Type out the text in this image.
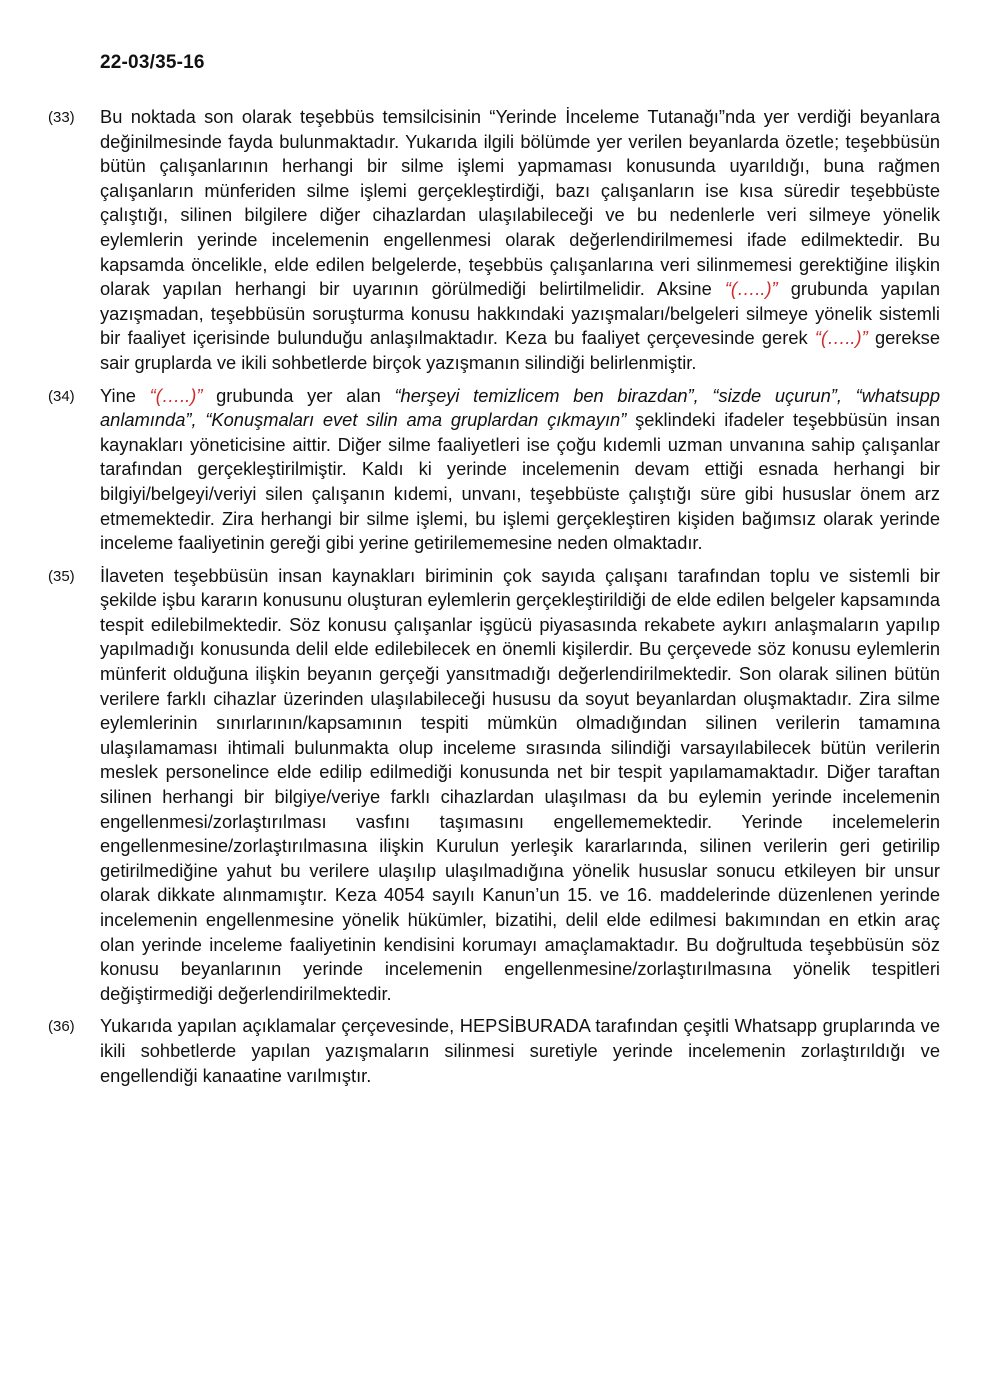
22-03/35-16
(33)	Bu noktada son olarak teşebbüs temsilcisinin “Yerinde İnceleme Tutanağı”nda yer verdiği beyanlara değinilmesinde fayda bulunmaktadır. Yukarıda ilgili bölümde yer verilen beyanlarda özetle; teşebbüsün bütün çalışanlarının herhangi bir silme işlemi yapmaması konusunda uyarıldığı, buna rağmen çalışanların münferiden silme işlemi gerçekleştirdiği, bazı çalışanların ise kısa süredir teşebbüste çalıştığı, silinen bilgilere diğer cihazlardan ulaşılabileceği ve bu nedenlerle veri silmeye yönelik eylemlerin yerinde incelemenin engellenmesi olarak değerlendirilmemesi ifade edilmektedir. Bu kapsamda öncelikle, elde edilen belgelerde, teşebbüs çalışanlarına veri silinmemesi gerektiğine ilişkin olarak yapılan herhangi bir uyarının görülmediği belirtilmelidir. Aksine “(…..)” grubunda yapılan yazışmadan, teşebbüsün soruşturma konusu hakkındaki yazışmaları/belgeleri silmeye yönelik sistemli bir faaliyet içerisinde bulunduğu anlaşılmaktadır. Keza bu faaliyet çerçevesinde gerek “(…..)” gerekse sair gruplarda ve ikili sohbetlerde birçok yazışmanın silindiği belirlenmiştir.
(34)	Yine “(…..)” grubunda yer alan “herşeyi temizlicem ben birazdan”, “sizde uçurun”, “whatsupp anlamında”, “Konuşmaları evet silin ama gruplardan çıkmayın” şeklindeki ifadeler teşebbüsün insan kaynakları yöneticisine aittir. Diğer silme faaliyetleri ise çoğu kıdemli uzman unvanına sahip çalışanlar tarafından gerçekleştirilmiştir. Kaldı ki yerinde incelemenin devam ettiği esnada herhangi bir bilgiyi/belgeyi/veriyi silen çalışanın kıdemi, unvanı, teşebbüste çalıştığı süre gibi hususlar önem arz etmemektedir. Zira herhangi bir silme işlemi, bu işlemi gerçekleştiren kişiden bağımsız olarak yerinde inceleme faaliyetinin gereği gibi yerine getirilememesine neden olmaktadır.
(35)	İlaveten teşebbüsün insan kaynakları biriminin çok sayıda çalışanı tarafından toplu ve sistemli bir şekilde işbu kararın konusunu oluşturan eylemlerin gerçekleştirildiği de elde edilen belgeler kapsamında tespit edilebilmektedir. Söz konusu çalışanlar işgücü piyasasında rekabete aykırı anlaşmaların yapılıp yapılmadığı konusunda delil elde edilebilecek en önemli kişilerdir. Bu çerçevede söz konusu eylemlerin münferit olduğuna ilişkin beyanın gerçeği yansıtmadığı değerlendirilmektedir. Son olarak silinen bütün verilere farklı cihazlar üzerinden ulaşılabileceği hususu da soyut beyanlardan oluşmaktadır. Zira silme eylemlerinin sınırlarının/kapsamının tespiti mümkün olmadığından silinen verilerin tamamına ulaşılamaması ihtimali bulunmakta olup inceleme sırasında silindiği varsayılabilecek bütün verilerin meslek personelince elde edilip edilmediği konusunda net bir tespit yapılamamaktadır. Diğer taraftan silinen herhangi bir bilgiye/veriye farklı cihazlardan ulaşılması da bu eylemin yerinde incelemenin engellenmesi/zorlaştırılması vasfını taşımasını engellememektedir. Yerinde incelemelerin engellenmesine/zorlaştırılmasına ilişkin Kurulun yerleşik kararlarında, silinen verilerin geri getirilip getirilmediğine yahut bu verilere ulaşılıp ulaşılmadığına yönelik hususlar sonucu etkileyen bir unsur olarak dikkate alınmamıştır. Keza 4054 sayılı Kanun’un 15. ve 16. maddelerinde düzenlenen yerinde incelemenin engellenmesine yönelik hükümler, bizatihi, delil elde edilmesi bakımından en etkin araç olan yerinde inceleme faaliyetinin kendisini korumayı amaçlamaktadır. Bu doğrultuda teşebbüsün söz konusu beyanlarının yerinde incelemenin engellenmesine/zorlaştırılmasına yönelik tespitleri değiştirmediği değerlendirilmektedir.
(36)	Yukarıda yapılan açıklamalar çerçevesinde, HEPSİBURADA tarafından çeşitli Whatsapp gruplarında ve ikili sohbetlerde yapılan yazışmaların silinmesi suretiyle yerinde incelemenin zorlaştırıldığı ve engellendiği kanaatine varılmıştır.
